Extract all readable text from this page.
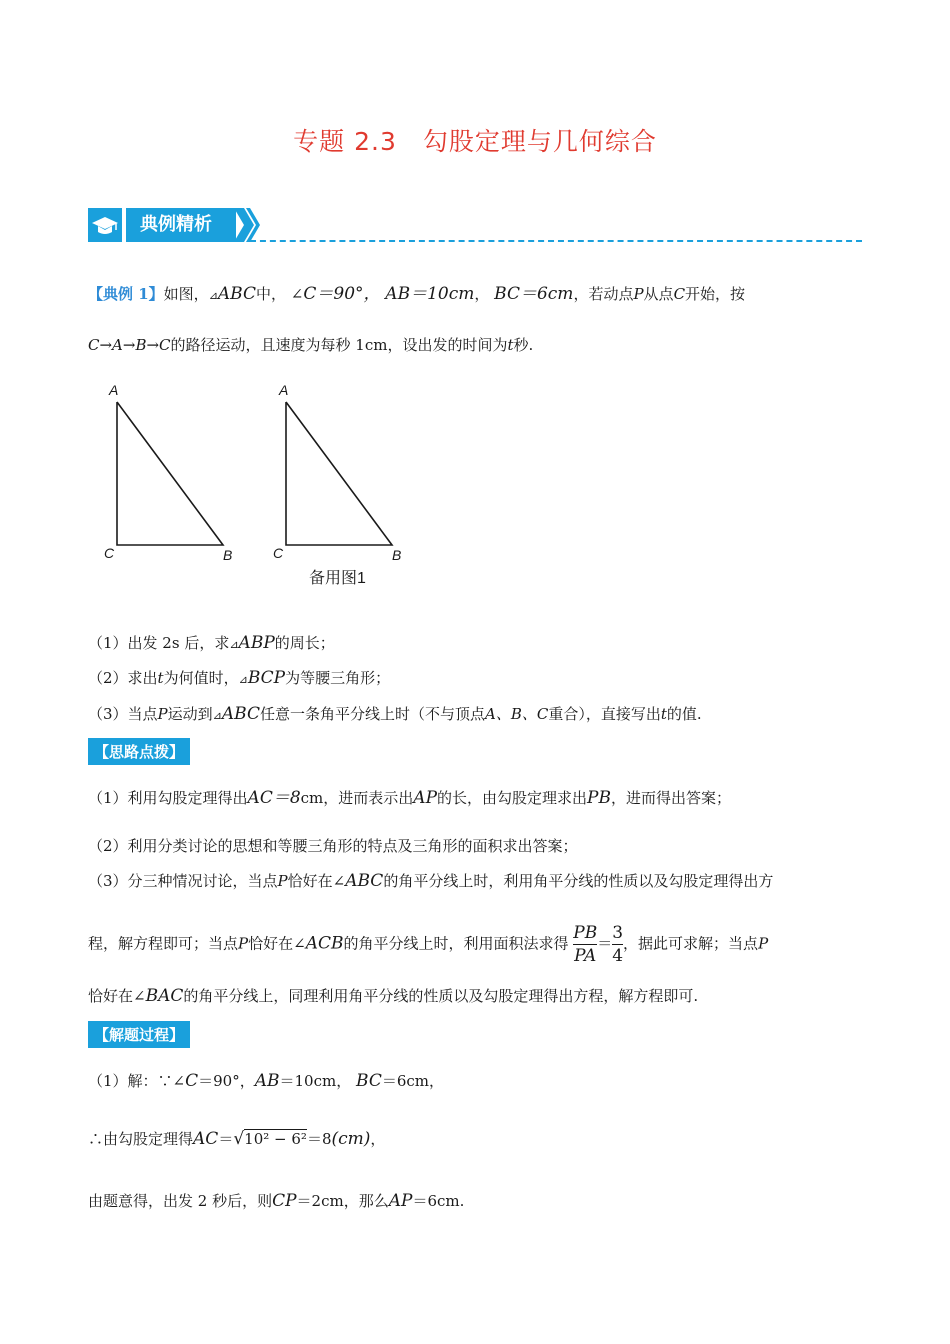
专题 2.3　勾股定理与几何综合
典例精析
【典例 1】如图，⊿ABC中， ∠C＝90°， AB＝10cm， BC＝6cm，若动点P从点C开始，按
C→A→B→C的路径运动，且速度为每秒 1cm，设出发的时间为t秒.
A
C	B
A
C	B
备用图1
（1）出发 2s 后，求⊿ABP的周长；
（2）求出t为何值时，⊿BCP为等腰三角形；
（3）当点P运动到⊿ABC任意一条角平分线上时（不与顶点A、B、C重合），直接写出t的值.
【思路点拨】
（1）利用勾股定理得出AC＝8cm，进而表示出AP的长，由勾股定理求出PB，进而得出答案；
（2）利用分类讨论的思想和等腰三角形的特点及三角形的面积求出答案；
（3）分三种情况讨论，当点P恰好在∠ABC的角平分线上时，利用角平分线的性质以及勾股定理得出方
程，解方程即可；当点P恰好在∠ACB的角平分线上时，利用面积法求得 $\frac{PB}{PA} = \frac{3}{4}$ ，据此可求解；当点P
恰好在∠BAC的角平分线上，同理利用角平分线的性质以及勾股定理得出方程，解方程即可.
【解题过程】
（1）解：∵∠C＝90°，AB＝10cm， BC＝6cm，
∴由勾股定理得AC＝√10² − 6²＝8(cm)，
由题意得，出发 2 秒后，则CP＝2cm，那么AP＝6cm.
